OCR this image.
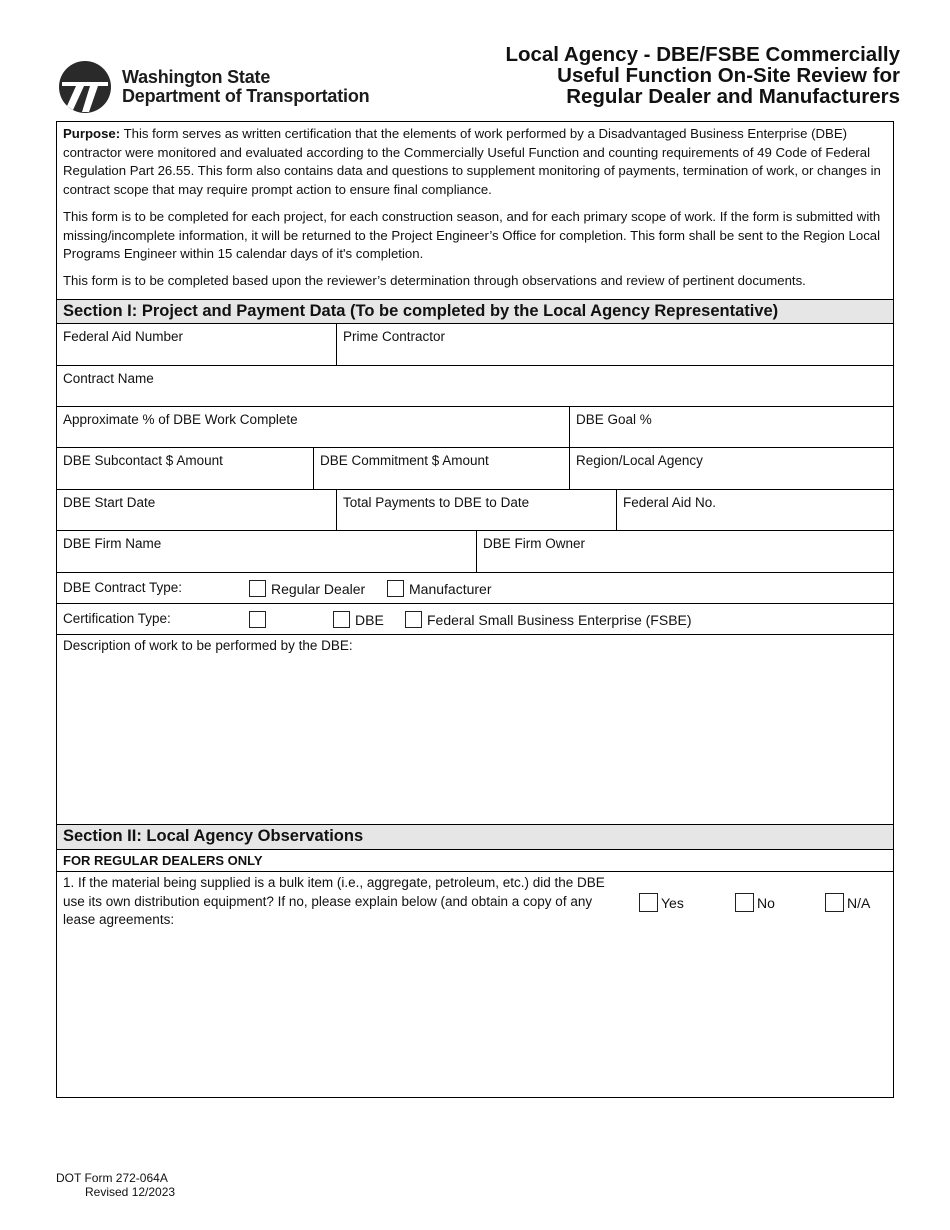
Washington State
Department of Transportation
Local Agency - DBE/FSBE Commercially
Useful Function On-Site Review for
Regular Dealer and Manufacturers

Purpose: This form serves as written certification that the elements of work performed by a Disadvantaged Business Enterprise (DBE) contractor were monitored and evaluated according to the Commercially Useful Function and counting requirements of 49 Code of Federal Regulation Part 26.55. This form also contains data and questions to supplement monitoring of payments, termination of work, or changes in contract scope that may require prompt action to ensure final compliance.

This form is to be completed for each project, for each construction season, and for each primary scope of work. If the form is submitted with missing/incomplete information, it will be returned to the Project Engineer’s Office for completion. This form shall be sent to the Region Local Programs Engineer within 15 calendar days of it's completion.

This form is to be completed based upon the reviewer’s determination through observations and review of pertinent documents.

Section I: Project and Payment Data (To be completed by the Local Agency Representative)
Federal Aid Number	Prime Contractor
Contract Name
Approximate % of DBE Work Complete	DBE Goal %
DBE Subcontact $ Amount	DBE Commitment $ Amount	Region/Local Agency
DBE Start Date	Total Payments to DBE to Date	Federal Aid No.
DBE Firm Name	DBE Firm Owner
DBE Contract Type:	Regular Dealer	Manufacturer
Certification Type:	DBE	Federal Small Business Enterprise (FSBE)
Description of work to be performed by the DBE:
Section II: Local Agency Observations
FOR REGULAR DEALERS ONLY
1. If the material being supplied is a bulk item (i.e., aggregate, petroleum, etc.) did the DBE use its own distribution equipment? If no, please explain below (and obtain a copy of any lease agreements:
Yes	No	N/A
DOT Form 272-064A
Revised 12/2023
